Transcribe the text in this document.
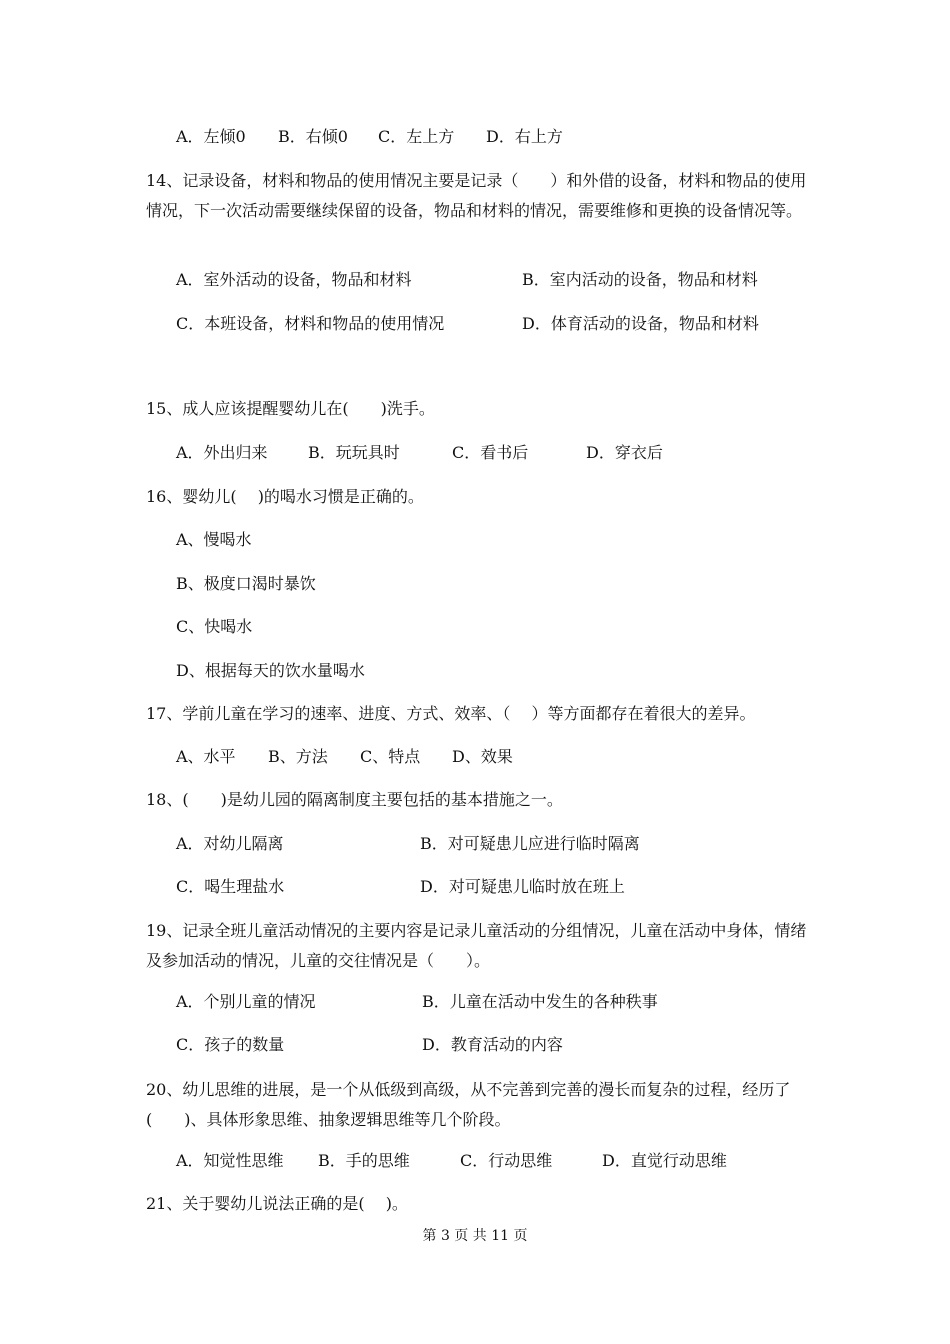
A．左倾0 B．右倾0 C．左上方 D．右上方
14、记录设备，材料和物品的使用情况主要是记录（　　）和外借的设备，材料和物品的使用情况，下一次活动需要继续保留的设备，物品和材料的情况，需要维修和更换的设备情况等。
A．室外活动的设备，物品和材料	B．室内活动的设备，物品和材料
C．本班设备，材料和物品的使用情况	D．体育活动的设备，物品和材料
15、成人应该提醒婴幼儿在(　　)洗手。
A．外出归来	B．玩玩具时	C．看书后	D．穿衣后
16、婴幼儿(　 )的喝水习惯是正确的。
A、慢喝水
B、极度口渴时暴饮
C、快喝水
D、根据每天的饮水量喝水
17、学前儿童在学习的速率、进度、方式、效率、（　 ）等方面都存在着很大的差异。
A、水平 B、方法 C、特点 D、效果
18、(　　)是幼儿园的隔离制度主要包括的基本措施之一。
A．对幼儿隔离	B．对可疑患儿应进行临时隔离
C．喝生理盐水	D．对可疑患儿临时放在班上
19、记录全班儿童活动情况的主要内容是记录儿童活动的分组情况，儿童在活动中身体，情绪及参加活动的情况，儿童的交往情况是（　　）。
A．个别儿童的情况	B．儿童在活动中发生的各种秩事
C．孩子的数量	D．教育活动的内容
20、幼儿思维的进展，是一个从低级到高级，从不完善到完善的漫长而复杂的过程，经历了(　　)、具体形象思维、抽象逻辑思维等几个阶段。
A．知觉性思维 B．手的思维	C．行动思维	D．直觉行动思维
21、关于婴幼儿说法正确的是(　 )。
第 3 页 共 11 页
